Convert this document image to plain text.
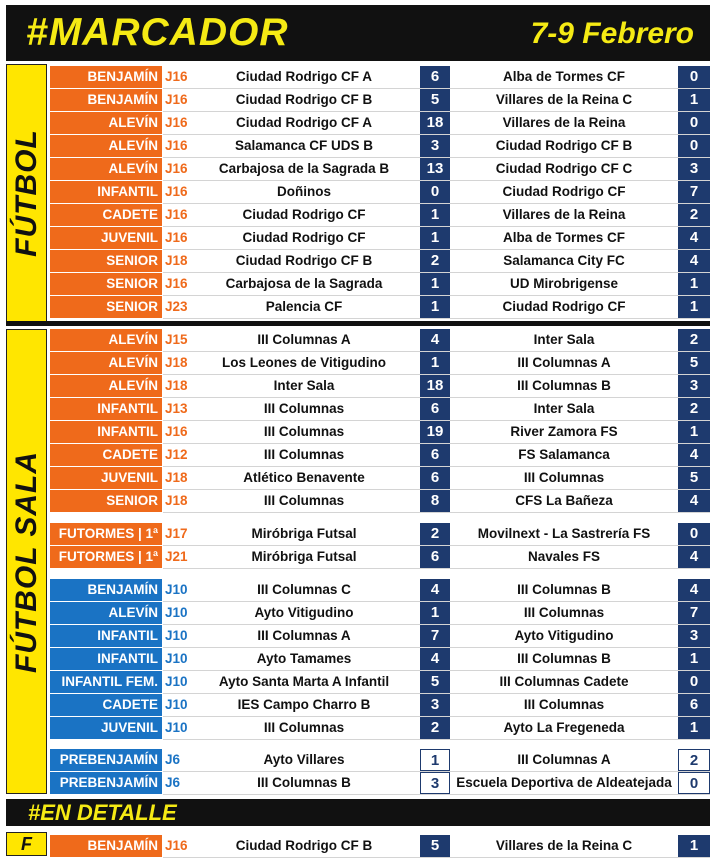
#MARCADOR	7-9 Febrero
FÚTBOL
BENJAMÍN J16	Ciudad Rodrigo CF A	6	Alba de Tormes CF	0
BENJAMÍN J16	Ciudad Rodrigo CF B	5	Villares de la Reina C	1
ALEVÍN J16	Ciudad Rodrigo CF A	18	Villares de la Reina	0
ALEVÍN J16	Salamanca CF UDS B	3	Ciudad Rodrigo CF B	0
ALEVÍN J16	Carbajosa de la Sagrada B	13	Ciudad Rodrigo CF C	3
INFANTIL J16	Doñinos	0	Ciudad Rodrigo CF	7
CADETE J16	Ciudad Rodrigo CF	1	Villares de la Reina	2
JUVENIL J16	Ciudad Rodrigo CF	1	Alba de Tormes CF	4
SENIOR J18	Ciudad Rodrigo CF B	2	Salamanca City FC	4
SENIOR J16	Carbajosa de la Sagrada	1	UD Mirobrigense	1
SENIOR J23	Palencia CF	1	Ciudad Rodrigo CF	1
FÚTBOL SALA
ALEVÍN J15	III Columnas A	4	Inter Sala	2
ALEVÍN J18	Los Leones de Vitigudino	1	III Columnas A	5
ALEVÍN J18	Inter Sala	18	III Columnas B	3
INFANTIL J13	III Columnas	6	Inter Sala	2
INFANTIL J16	III Columnas	19	River Zamora FS	1
CADETE J12	III Columnas	6	FS Salamanca	4
JUVENIL J18	Atlético Benavente	6	III Columnas	5
SENIOR J18	III Columnas	8	CFS La Bañeza	4
FUTORMES | 1ª J17	Miróbriga Futsal	2	Movilnext - La Sastrería FS	0
FUTORMES | 1ª J21	Miróbriga Futsal	6	Navales FS	4
BENJAMÍN J10	III Columnas C	4	III Columnas B	4
ALEVÍN J10	Ayto Vitigudino	1	III Columnas	7
INFANTIL J10	III Columnas A	7	Ayto Vitigudino	3
INFANTIL J10	Ayto Tamames	4	III Columnas B	1
INFANTIL FEM. J10	Ayto Santa Marta A Infantil	5	III Columnas Cadete	0
CADETE J10	IES Campo Charro B	3	III Columnas	6
JUVENIL J10	III Columnas	2	Ayto La Fregeneda	1
PREBENJAMÍN J6	Ayto Villares	1	III Columnas A	2
PREBENJAMÍN J6	III Columnas B	3	Escuela Deportiva de Aldeatejada	0
#EN DETALLE
F	BENJAMÍN J16	Ciudad Rodrigo CF B	5	Villares de la Reina C	1
